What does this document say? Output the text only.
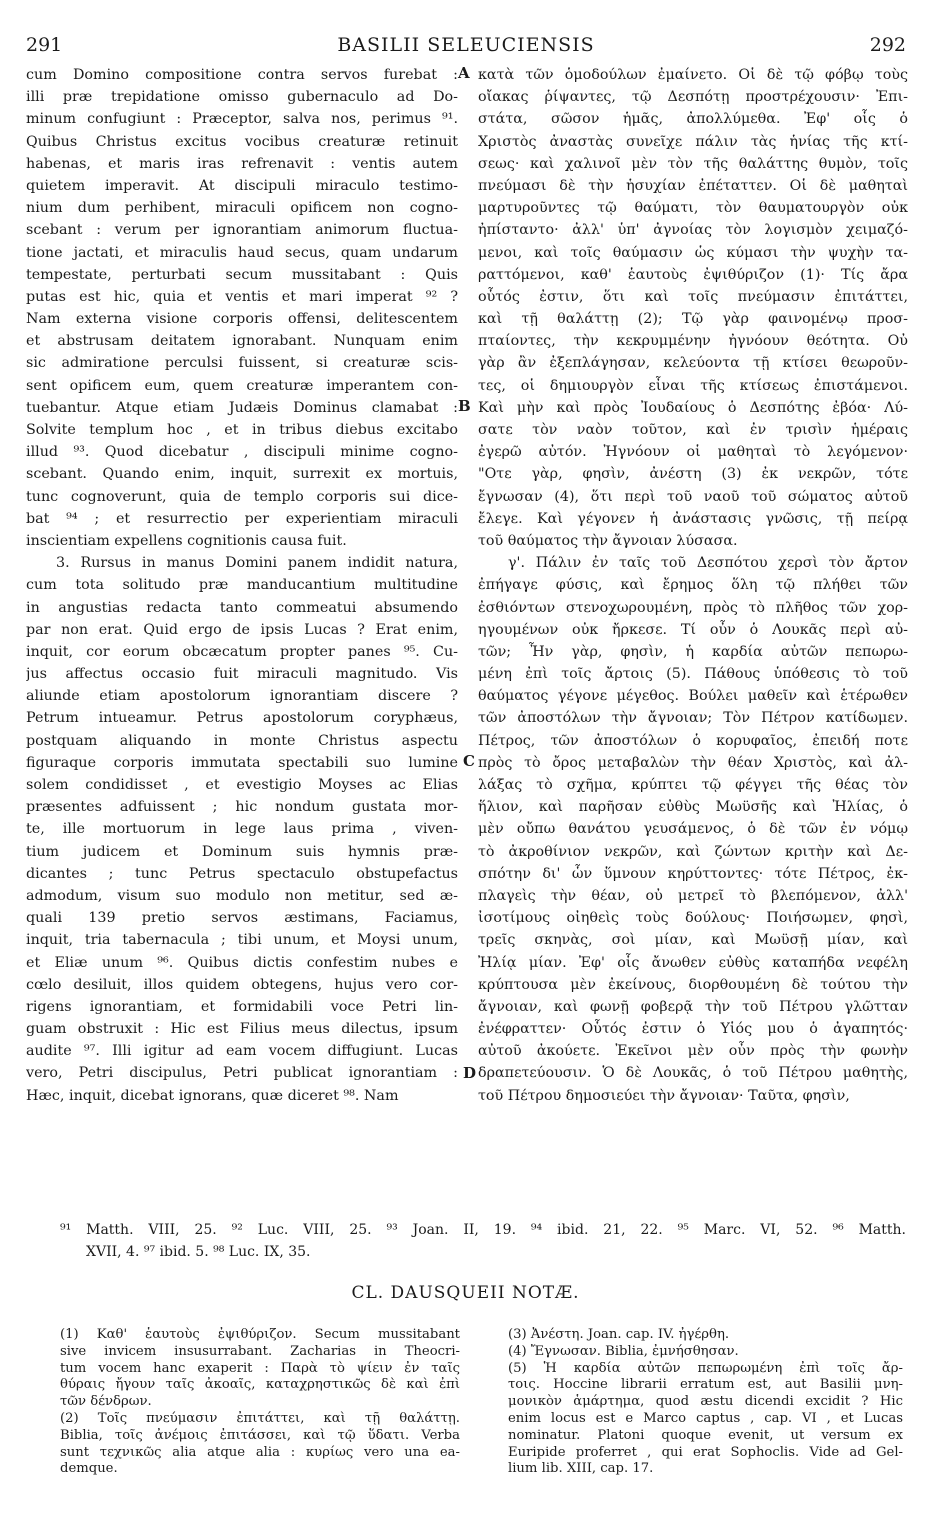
291	BASILII SELEUCIENSIS	292
cum Domino compositione contra servos furebat :
illi præ trepidatione omisso gubernaculo ad Do-
minum confugiunt : Præceptor, salva nos, perimus ⁹¹.
Quibus Christus excitus vocibus creaturæ retinuit
habenas, et maris iras refrenavit : ventis autem
quietem imperavit. At discipuli miraculo testimo-
nium dum perhibent, miraculi opificem non cogno-
scebant : verum per ignorantiam animorum fluctua-
tione jactati, et miraculis haud secus, quam undarum
tempestate, perturbati secum mussitabant : Quis
putas est hic, quia et ventis et mari imperat ⁹² ?
Nam externa visione corporis offensi, delitescentem
et abstrusam deitatem ignorabant. Nunquam enim
sic admiratione perculsi fuissent, si creaturæ scis-
sent opificem eum, quem creaturæ imperantem con-
tuebantur. Atque etiam Judæis Dominus clamabat :
Solvite templum hoc , et in tribus diebus excitabo
illud ⁹³. Quod dicebatur , discipuli minime cogno-
scebant. Quando enim, inquit, surrexit ex mortuis,
tunc cognoverunt, quia de templo corporis sui dice-
bat ⁹⁴ ; et resurrectio per experientiam miraculi
inscientiam expellens cognitionis causa fuit.
3. Rursus in manus Domini panem indidit natura,
cum tota solitudo præ manducantium multitudine
in angustias redacta tanto commeatui absumendo
par non erat. Quid ergo de ipsis Lucas ? Erat enim,
inquit, cor eorum obcæcatum propter panes ⁹⁵. Cu-
jus affectus occasio fuit miraculi magnitudo. Vis
aliunde etiam apostolorum ignorantiam discere ?
Petrum intueamur. Petrus apostolorum coryphæus,
postquam aliquando in monte Christus aspectu
figuraque corporis immutata spectabili suo lumine
solem condidisset , et evestigio Moyses ac Elias
præsentes adfuissent ; hic nondum gustata mor-
te, ille mortuorum in lege laus prima , viven-
tium judicem et Dominum suis hymnis præ-
dicantes ; tunc Petrus spectaculo obstupefactus
admodum, visum suo modulo non metitur, sed æ-
quali 139 pretio servos æstimans, Faciamus,
inquit, tria tabernacula ; tibi unum, et Moysi unum,
et Eliæ unum ⁹⁶. Quibus dictis confestim nubes e
cœlo desiluit, illos quidem obtegens, hujus vero cor-
rigens ignorantiam, et formidabili voce Petri lin-
guam obstruxit : Hic est Filius meus dilectus, ipsum
audite ⁹⁷. Illi igitur ad eam vocem diffugiunt. Lucas
vero, Petri discipulus, Petri publicat ignorantiam :
Hæc, inquit, dicebat ignorans, quæ diceret ⁹⁸. Nam
κατὰ τῶν ὁμοδούλων ἐμαίνετο. Οἱ δὲ τῷ φόβῳ τοὺς
οἴακας ῥίψαντες, τῷ Δεσπότῃ προστρέχουσιν· Ἐπι-
στάτα, σῶσον ἡμᾶς, ἀπολλύμεθα. Ἐφ' οἷς ὁ
Χριστὸς ἀναστὰς συνεῖχε πάλιν τὰς ἡνίας τῆς κτί-
σεως· καὶ χαλινοῖ μὲν τὸν τῆς θαλάττης θυμὸν, τοῖς
πνεύμασι δὲ τὴν ἡσυχίαν ἐπέταττεν. Οἱ δὲ μαθηταὶ
μαρτυροῦντες τῷ θαύματι, τὸν θαυματουργὸν οὐκ
ἠπίσταντο· ἀλλ' ὑπ' ἀγνοίας τὸν λογισμὸν χειμαζό-
μενοι, καὶ τοῖς θαύμασιν ὡς κύμασι τὴν ψυχὴν τα-
ραττόμενοι, καθ' ἑαυτοὺς ἐψιθύριζον (1)· Τίς ἄρα
οὗτός ἐστιν, ὅτι καὶ τοῖς πνεύμασιν ἐπιτάττει,
καὶ τῇ θαλάττῃ (2); Τῷ γὰρ φαινομένῳ προσ-
πταίοντες, τὴν κεκρυμμένην ἠγνόουν θεότητα. Οὐ
γὰρ ἂν ἐξεπλάγησαν, κελεύοντα τῇ κτίσει θεωροῦν-
τες, οἱ δημιουργὸν εἶναι τῆς κτίσεως ἐπιστάμενοι.
Καὶ μὴν καὶ πρὸς Ἰουδαίους ὁ Δεσπότης ἐβόα· Λύ-
σατε τὸν ναὸν τοῦτον, καὶ ἐν τρισὶν ἡμέραις
ἐγερῶ αὐτόν. Ἠγνόουν οἱ μαθηταὶ τὸ λεγόμενον·
"Οτε γὰρ, φησὶν, ἀνέστη (3) ἐκ νεκρῶν, τότε
ἔγνωσαν (4), ὅτι περὶ τοῦ ναοῦ τοῦ σώματος αὐτοῦ
ἔλεγε. Καὶ γέγονεν ἡ ἀνάστασις γνῶσις, τῇ πείρᾳ
τοῦ θαύματος τὴν ἄγνοιαν λύσασα.
γ'. Πάλιν ἐν ταῖς τοῦ Δεσπότου χερσὶ τὸν ἄρτον
ἐπήγαγε φύσις, καὶ ἔρημος ὅλη τῷ πλήθει τῶν
ἐσθιόντων στενοχωρουμένη, πρὸς τὸ πλῆθος τῶν χορ-
ηγουμένων οὐκ ἤρκεσε. Τί οὖν ὁ Λουκᾶς περὶ αὐ-
τῶν; Ἦν γὰρ, φησὶν, ἡ καρδία αὐτῶν πεπωρω-
μένη ἐπὶ τοῖς ἄρτοις (5). Πάθους ὑπόθεσις τὸ τοῦ
θαύματος γέγονε μέγεθος. Βούλει μαθεῖν καὶ ἑτέρωθεν
τῶν ἀποστόλων τὴν ἄγνοιαν; Τὸν Πέτρον κατίδωμεν.
Πέτρος, τῶν ἀποστόλων ὁ κορυφαῖος, ἐπειδή ποτε
πρὸς τὸ ὄρος μεταβαλὼν τὴν θέαν Χριστὸς, καὶ ἀλ-
λάξας τὸ σχῆμα, κρύπτει τῷ φέγγει τῆς θέας τὸν
ἥλιον, καὶ παρῆσαν εὐθὺς Μωϋσῆς καὶ Ἠλίας, ὁ
μὲν οὔπω θανάτου γευσάμενος, ὁ δὲ τῶν ἐν νόμῳ
τὸ ἀκροθίνιον νεκρῶν, καὶ ζώντων κριτὴν καὶ Δε-
σπότην δι' ὧν ὕμνουν κηρύττοντες· τότε Πέτρος, ἐκ-
πλαγεὶς τὴν θέαν, οὐ μετρεῖ τὸ βλεπόμενον, ἀλλ'
ἰσοτίμους οἰηθεὶς τοὺς δούλους· Ποιήσωμεν, φησὶ,
τρεῖς σκηνὰς, σοὶ μίαν, καὶ Μωϋσῇ μίαν, καὶ
Ἠλίᾳ μίαν. Ἐφ' οἷς ἄνωθεν εὐθὺς καταπήδα νεφέλη
κρύπτουσα μὲν ἐκείνους, διορθουμένη δὲ τούτου τὴν
ἄγνοιαν, καὶ φωνῇ φοβερᾷ τὴν τοῦ Πέτρου γλῶτταν
ἐνέφραττεν· Οὗτός ἐστιν ὁ Υἱός μου ὁ ἀγαπητός·
αὐτοῦ ἀκούετε. Ἐκεῖνοι μὲν οὖν πρὸς τὴν φωνὴν
δραπετεύουσιν. Ὁ δὲ Λουκᾶς, ὁ τοῦ Πέτρου μαθητὴς,
τοῦ Πέτρου δημοσιεύει τὴν ἄγνοιαν· Ταῦτα, φησὶν,
A
B
C
D
⁹¹ Matth. VIII, 25. ⁹² Luc. VIII, 25. ⁹³ Joan. II, 19. ⁹⁴ ibid. 21, 22. ⁹⁵ Marc. VI, 52. ⁹⁶ Matth.
XVII, 4. ⁹⁷ ibid. 5. ⁹⁸ Luc. IX, 35.
CL. DAUSQUEII NOTÆ.
(1) Καθ' ἑαυτοὺς ἐψιθύριζον. Secum mussitabant
sive invicem insusurrabant. Zacharias in Theocri-
tum vocem hanc exaperit : Παρὰ τὸ ψίειν ἐν ταῖς
θύραις ἤγουν ταῖς ἀκοαῖς, καταχρηστικῶς δὲ καὶ ἐπὶ
τῶν δένδρων.
(2) Τοῖς πνεύμασιν ἐπιτάττει, καὶ τῇ θαλάττῃ.
Biblia, τοῖς ἀνέμοις ἐπιτάσσει, καὶ τῷ ὕδατι. Verba
sunt τεχνικῶς alia atque alia : κυρίως vero una ea-
demque.
(3) Ἀνέστη. Joan. cap. IV. ἠγέρθη.
(4) Ἔγνωσαν. Biblia, ἐμνήσθησαν.
(5) Ἡ καρδία αὐτῶν πεπωρωμένη ἐπὶ τοῖς ἄρ-
τοις. Hoccine librarii erratum est, aut Basilii μνη-
μονικὸν ἁμάρτημα, quod æstu dicendi excidit ? Hic
enim locus est e Marco captus , cap. VI , et Lucas
nominatur. Platoni quoque evenit, ut versum ex
Euripide proferret , qui erat Sophoclis. Vide ad Gel-
lium lib. XIII, cap. 17.
